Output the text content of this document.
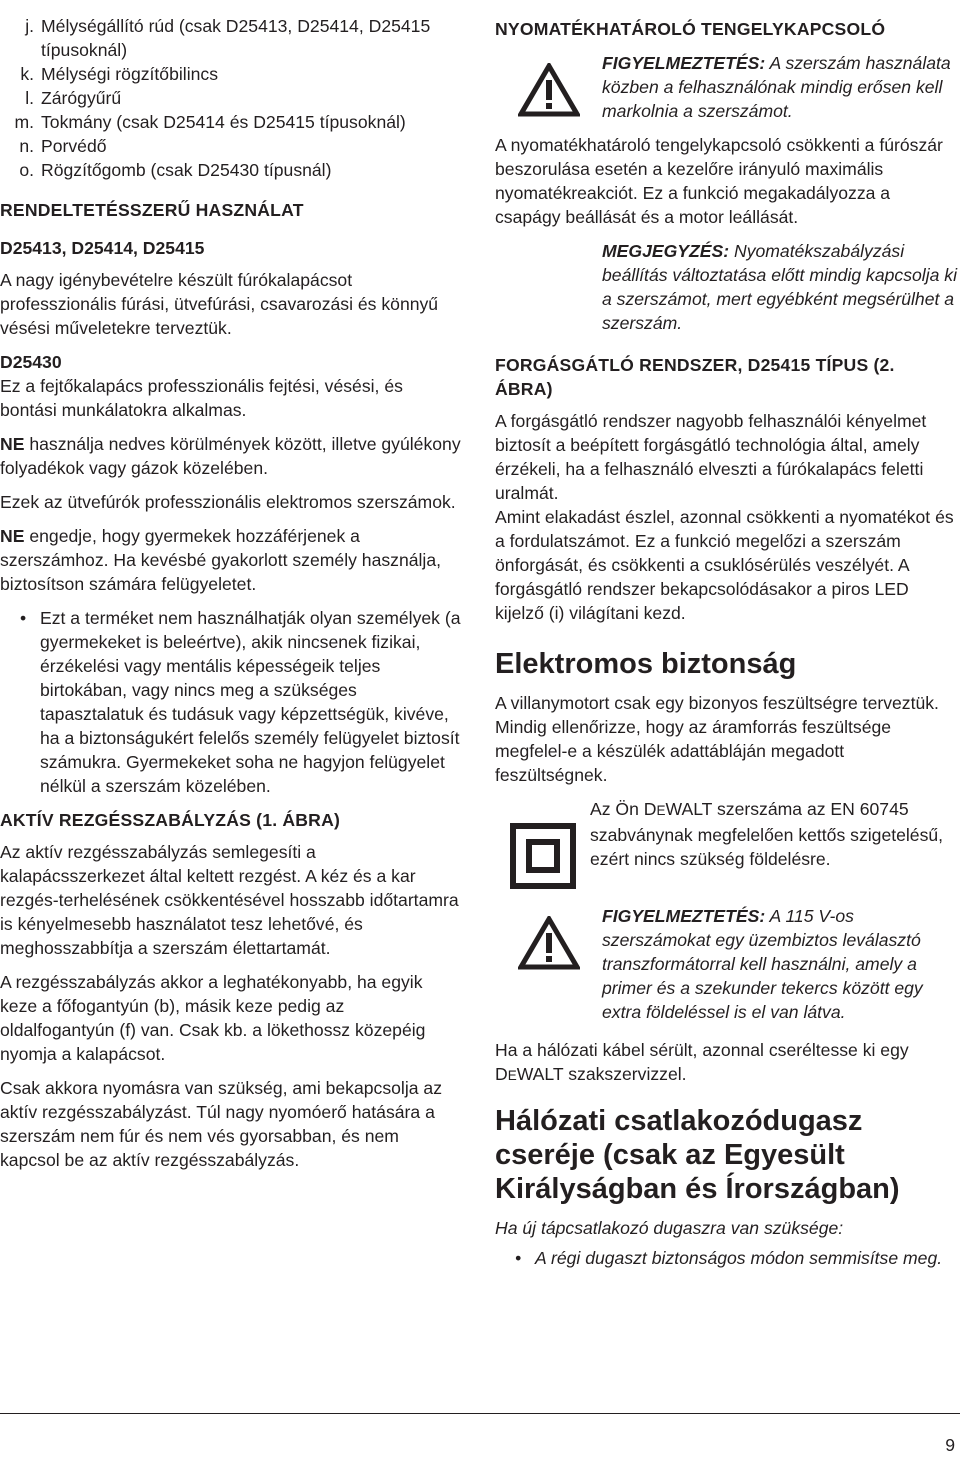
j. Mélységállító rúd (csak D25413, D25414, D25415 típusoknál)
k. Mélységi rögzítőbilincs
l. Zárógyűrű
m. Tokmány (csak D25414 és D25415 típusoknál)
n. Porvédő
o. Rögzítőgomb (csak D25430 típusnál)
RENDELTETÉSSZERŰ HASZNÁLAT
D25413, D25414, D25415

A nagy igénybevételre készült fúrókalapácsot professzionális fúrási, ütvefúrási, csavarozási és könnyű vésési műveletekre terveztük.

D25430

Ez a fejtőkalapács professzionális fejtési, vésési, és bontási munkálatokra alkalmas.

NE használja nedves körülmények között, illetve gyúlékony folyadékok vagy gázok közelében.

Ezek az ütvefúrók professzionális elektromos szerszámok.

NE engedje, hogy gyermekek hozzáférjenek a szerszámhoz. Ha kevésbé gyakorlott személy használja, biztosítson számára felügyeletet.

• Ezt a terméket nem használhatják olyan személyek (a gyermekeket is beleértve), akik nincsenek fizikai, érzékelési vagy mentális képességeik teljes birtokában, vagy nincs meg a szükséges tapasztalatuk és tudásuk vagy képzettségük, kivéve, ha a biztonságukért felelős személy felügyelet biztosít számukra. Gyermekeket soha ne hagyjon felügyelet nélkül a szerszám közelében.
AKTÍV REZGÉSSZABÁLYZÁS (1. ÁBRA)

Az aktív rezgésszabályzás semlegesíti a kalapácsszerkezet által keltett rezgést. A kéz és a kar rezgés-terhelésének csökkentésével hosszabb időtartamra is kényelmesebb használatot tesz lehetővé, és meghosszabbítja a szerszám élettartamát.

A rezgésszabályzás akkor a leghatékonyabb, ha egyik keze a főfogantyún (b), másik keze pedig az oldalfogantyún (f) van. Csak kb. a lökethossz közepéig nyomja a kalapácsot.

Csak akkora nyomásra van szükség, ami bekapcsolja az aktív rezgésszabályzást. Túl nagy nyomóerő hatására a szerszám nem fúr és nem vés gyorsabban, és nem kapcsol be az aktív rezgésszabályzás.

NYOMATÉKHATÁROLÓ TENGELYKAPCSOLÓ
FIGYELMEZTETÉS: A szerszám használata közben a felhasználónak mindig erősen kell markolnia a szerszámot.

A nyomatékhatároló tengelykapcsoló csökkenti a fúrószár beszorulása esetén a kezelőre irányuló maximális nyomatékreakciót. Ez a funkció megakadályozza a csapágy beállását és a motor leállását.

MEGJEGYZÉS: Nyomatékszabályzási beállítás változtatása előtt mindig kapcsolja ki a szerszámot, mert egyébként megsérülhet a szerszám.
FORGÁSGÁTLÓ RENDSZER, D25415 TÍPUS (2. ÁBRA)

A forgásgátló rendszer nagyobb felhasználói kényelmet biztosít a beépített forgásgátló technológia által, amely érzékeli, ha a felhasználó elveszti a fúrókalapács feletti uralmát.

Amint elakadást észlel, azonnal csökkenti a nyomatékot és a fordulatszámot. Ez a funkció megelőzi a szerszám önforgását, és csökkenti a csuklósérülés veszélyét. A forgásgátló rendszer bekapcsolódásakor a piros LED kijelző (i) világítani kezd.

Elektromos biztonság

A villanymotort csak egy bizonyos feszültségre terveztük. Mindig ellenőrizze, hogy az áramforrás feszültsége megfelel-e a készülék adattábláján megadott feszültségnek.

Az Ön DEWALT szerszáma az EN 60745 szabványnak megfelelően kettős szigetelésű, ezért nincs szükség földelésre.
FIGYELMEZTETÉS: A 115 V-os szerszámokat egy üzembiztos leválasztó transzformátorral kell használni, amely a primer és a szekunder tekercs között egy extra földeléssel is el van látva.

Ha a hálózati kábel sérült, azonnal cseréltesse ki egy DEWALT szakszervizzel.

Hálózati csatlakozódugasz cseréje (csak az Egyesült Királyságban és Írországban)

Ha új tápcsatlakozó dugaszra van szüksége:

• A régi dugaszt biztonságos módon semmisítse meg.
9
